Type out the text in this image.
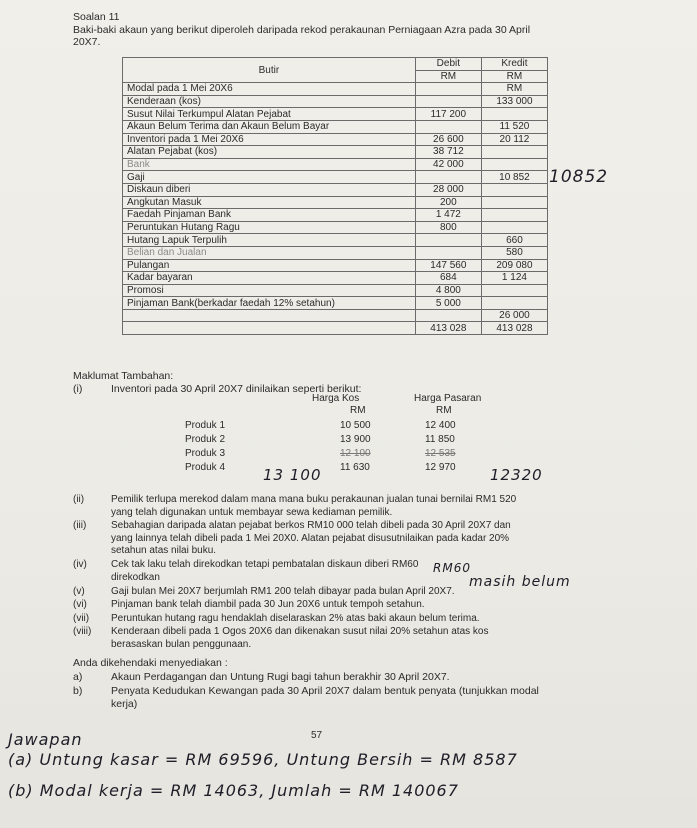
Soalan 11
Baki-baki akaun yang berikut diperoleh daripada rekod perakaunan Perniagaan Azra pada 30 April
20X7.
Butir	Debit	Kredit
	RM	RM
Modal pada 1 Mei 20X6		RM
Kenderaan (kos)		133 000
Susut Nilai Terkumpul Alatan Pejabat	117 200	
Akaun Belum Terima dan Akaun Belum Bayar		11 520
Inventori pada 1 Mei 20X6	26 600	20 112
Alatan Pejabat (kos)	38 712	
Bank	42 000	
Gaji		10 852
Diskaun diberi	28 000	
Angkutan Masuk	200	
Faedah Pinjaman Bank	1 472	
Peruntukan Hutang Ragu	800	
Hutang Lapuk Terpulih		660
Belian dan Jualan		580
Pulangan	147 560	209 080
Kadar bayaran	684	1 124
Promosi	4 800	
Pinjaman Bank(berkadar faedah 12% setahun)	5 000	
		26 000
	413 028	413 028
10852
Maklumat Tambahan:
(i)	Inventori pada 30 April 20X7 dinilaikan seperti berikut:
Harga Kos	Harga Pasaran
RM	RM
Produk 1	10 500	12 400
Produk 2	13 900	11 850
Produk 3	12 100	12 535
Produk 4	11 630	12 970
13 100	12320
(ii)	Pemilik terlupa merekod dalam mana mana buku perakaunan jualan tunai bernilai RM1 520
yang telah digunakan untuk membayar sewa kediaman pemilik.
(iii) Sebahagian daripada alatan pejabat berkos RM10 000 telah dibeli pada 30 April 20X7 dan
yang lainnya telah dibeli pada 1 Mei 20X0. Alatan pejabat disusutnilaikan pada kadar 20%
setahun atas nilai buku.
(iv) Cek tak laku telah direkodkan tetapi pembatalan diskaun diberi RM60
direkodkan
(v)	Gaji bulan Mei 20X7 berjumlah RM1 200 telah dibayar pada bulan April 20X7.
(vi) Pinjaman bank telah diambil pada 30 Jun 20X6 untuk tempoh setahun.
(vii) Peruntukan hutang ragu hendaklah diselaraskan 2% atas baki akaun belum terima.
(viii) Kenderaan dibeli pada 1 Ogos 20X6 dan dikenakan susut nilai 20% setahun atas kos
berasaskan bulan penggunaan.
RM60
masih belum
Anda dikehendaki menyediakan :
a)	Akaun Perdagangan dan Untung Rugi bagi tahun berakhir 30 April 20X7.
b)	Penyata Kedudukan Kewangan pada 30 April 20X7 dalam bentuk penyata (tunjukkan modal
kerja)
57
Jawapan
(a) Untung kasar = RM 69596, Untung Bersih = RM 8587
(b) Modal kerja = RM 14063, Jumlah = RM 140067
